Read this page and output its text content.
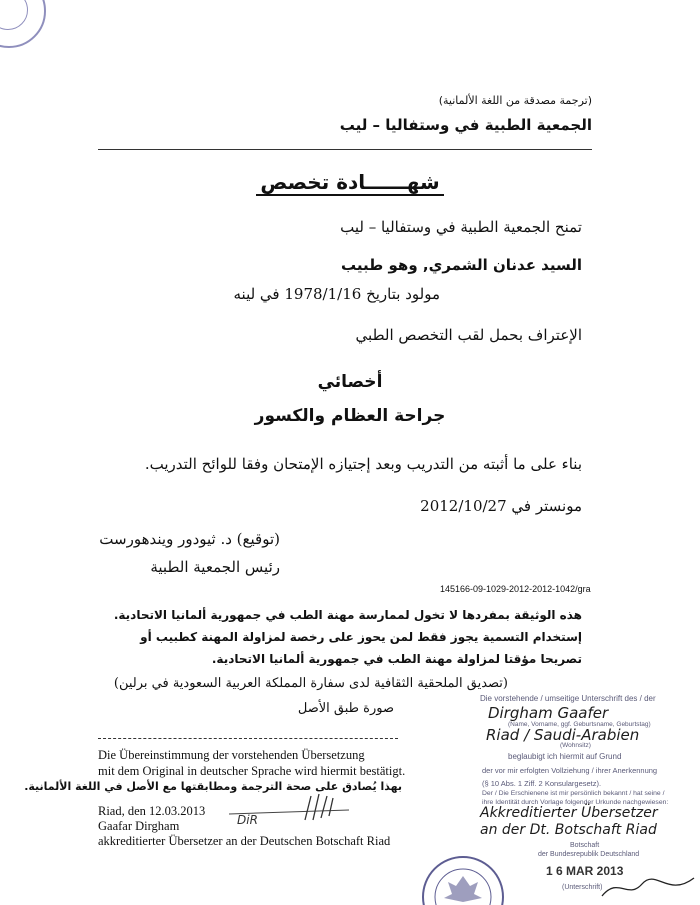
(ترجمة مصدقة من اللغة الألمانية)
الجمعية الطبية في وستفاليا – ليب
شهــــــادة تخصص
تمنح الجمعية الطبية في وستفاليا – ليب
السيد عدنان الشمري, وهو طبيب
مولود بتاريخ 1978/1/16 في لينه
الإعتراف بحمل لقب التخصص الطبي
أخصائي
جراحة العظام والكسور
بناء على ما أثبته من التدريب وبعد إجتيازه الإمتحان وفقا للوائح التدريب.
مونستر في 2012/10/27
(توقيع) د. ثيودور ويندهورست
رئيس الجمعية الطبية
145166-09-1029-2012-2012-1042/gra
هذه الوثيقة بمفردها لا تخول لممارسة مهنة الطب في جمهورية ألمانيا الاتحادية. إستخدام التسمية يجوز فقط لمن يحوز على رخصة لمزاولة المهنة كطبيب أو تصريحا مؤقتا لمزاولة مهنة الطب في جمهورية ألمانيا الاتحادية.
(تصديق الملحقية الثقافية لدى سفارة المملكة العربية السعودية في برلين)
صورة طبق الأصل
Die Übereinstimmung der vorstehenden Übersetzung
mit dem Original in deutscher Sprache wird hiermit bestätigt.
بهذا يُصادق على صحة الترجمة ومطابقتها مع الأصل في اللغة الألمانية.
Riad, den 12.03.2013
Gaafar Dirgham
akkreditierter Übersetzer an der Deutschen Botschaft Riad
DiR
Die vorstehende / umseitige Unterschrift des / der
Dirgham Gaafer
(Name, Vorname, ggf. Geburtsname, Geburtstag)
Riad / Saudi-Arabien
(Wohnsitz)
beglaubigt ich hiermit auf Grund
der vor mir erfolgten Vollziehung / ihrer Anerkennung
(§ 10 Abs. 1 Ziff. 2 Konsulargesetz).
Der / Die Erschienene ist mir persönlich bekannt / hat seine /
ihre Identität durch Vorlage folgender Urkunde nachgewiesen:
Akkreditierter Übersetzer
an der Dt. Botschaft Riad
Botschaft
der Bundesrepublik Deutschland
1 6 MAR 2013
(Unterschrift)
